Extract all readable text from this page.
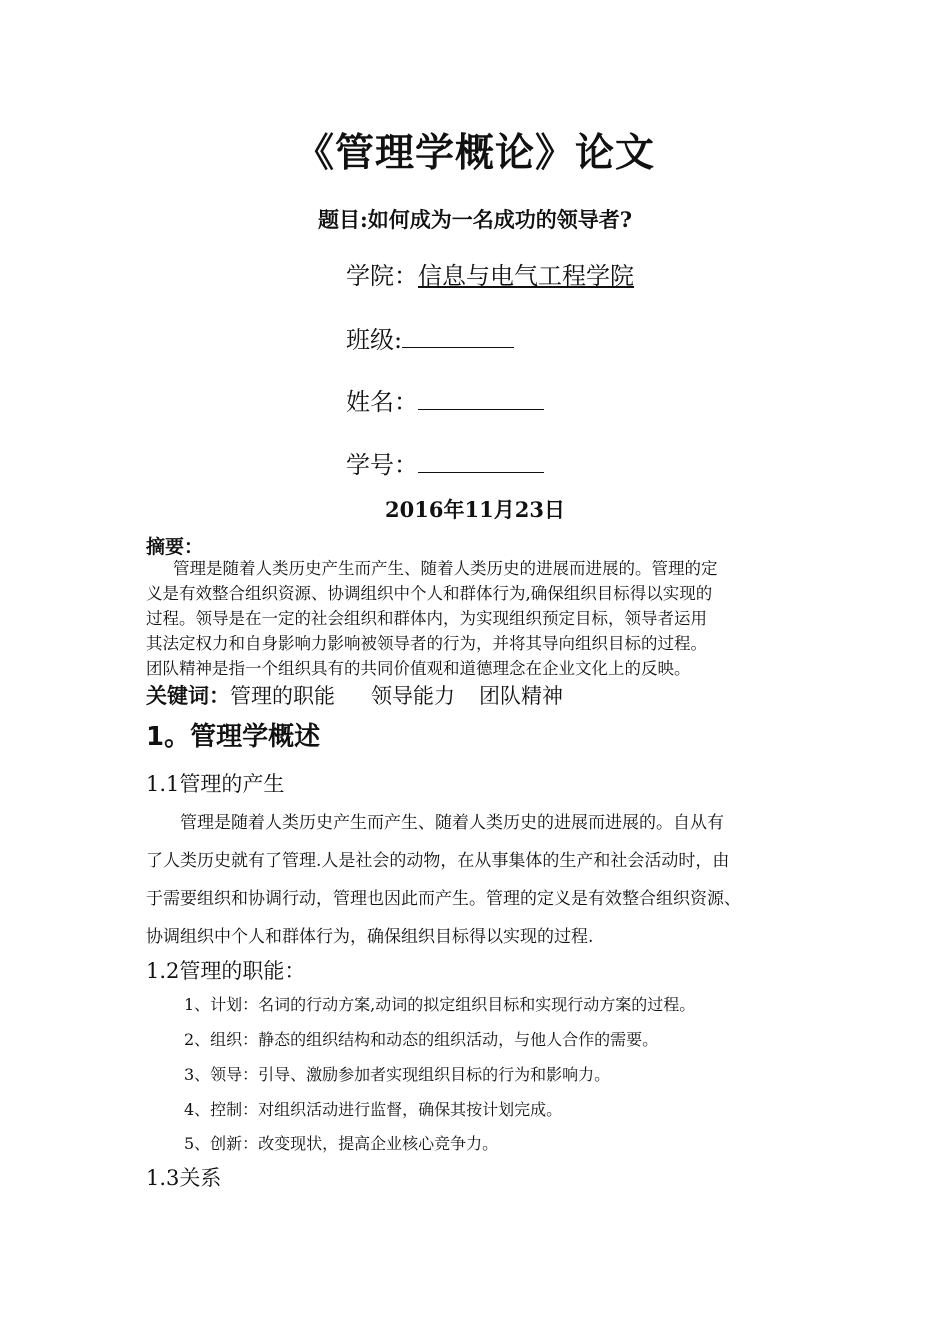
《管理学概论》论文
题目:如何成为一名成功的领导者?
学院：信息与电气工程学院
班级:
姓名：
学号：
2016年11月23日
摘要：

管理是随着人类历史产生而产生、随着人类历史的进展而进展的。管理的定

义是有效整合组织资源、协调组织中个人和群体行为,确保组织目标得以实现的

过程。领导是在一定的社会组织和群体内，为实现组织预定目标，领导者运用

其法定权力和自身影响力影响被领导者的行为，并将其导向组织目标的过程。

团队精神是指一个组织具有的共同价值观和道德理念在企业文化上的反映。

关键词：管理的职能 领导能力 团队精神
1。管理学概述
1.1管理的产生

管理是随着人类历史产生而产生、随着人类历史的进展而进展的。自从有

了人类历史就有了管理.人是社会的动物，在从事集体的生产和社会活动时，由

于需要组织和协调行动，管理也因此而产生。管理的定义是有效整合组织资源、

协调组织中个人和群体行为，确保组织目标得以实现的过程.

1.2管理的职能：
1、计划：名词的行动方案,动词的拟定组织目标和实现行动方案的过程。
2、组织：静态的组织结构和动态的组织活动，与他人合作的需要。
3、领导：引导、激励参加者实现组织目标的行为和影响力。
4、控制：对组织活动进行监督，确保其按计划完成。
5、创新：改变现状，提高企业核心竞争力。
1.3关系
